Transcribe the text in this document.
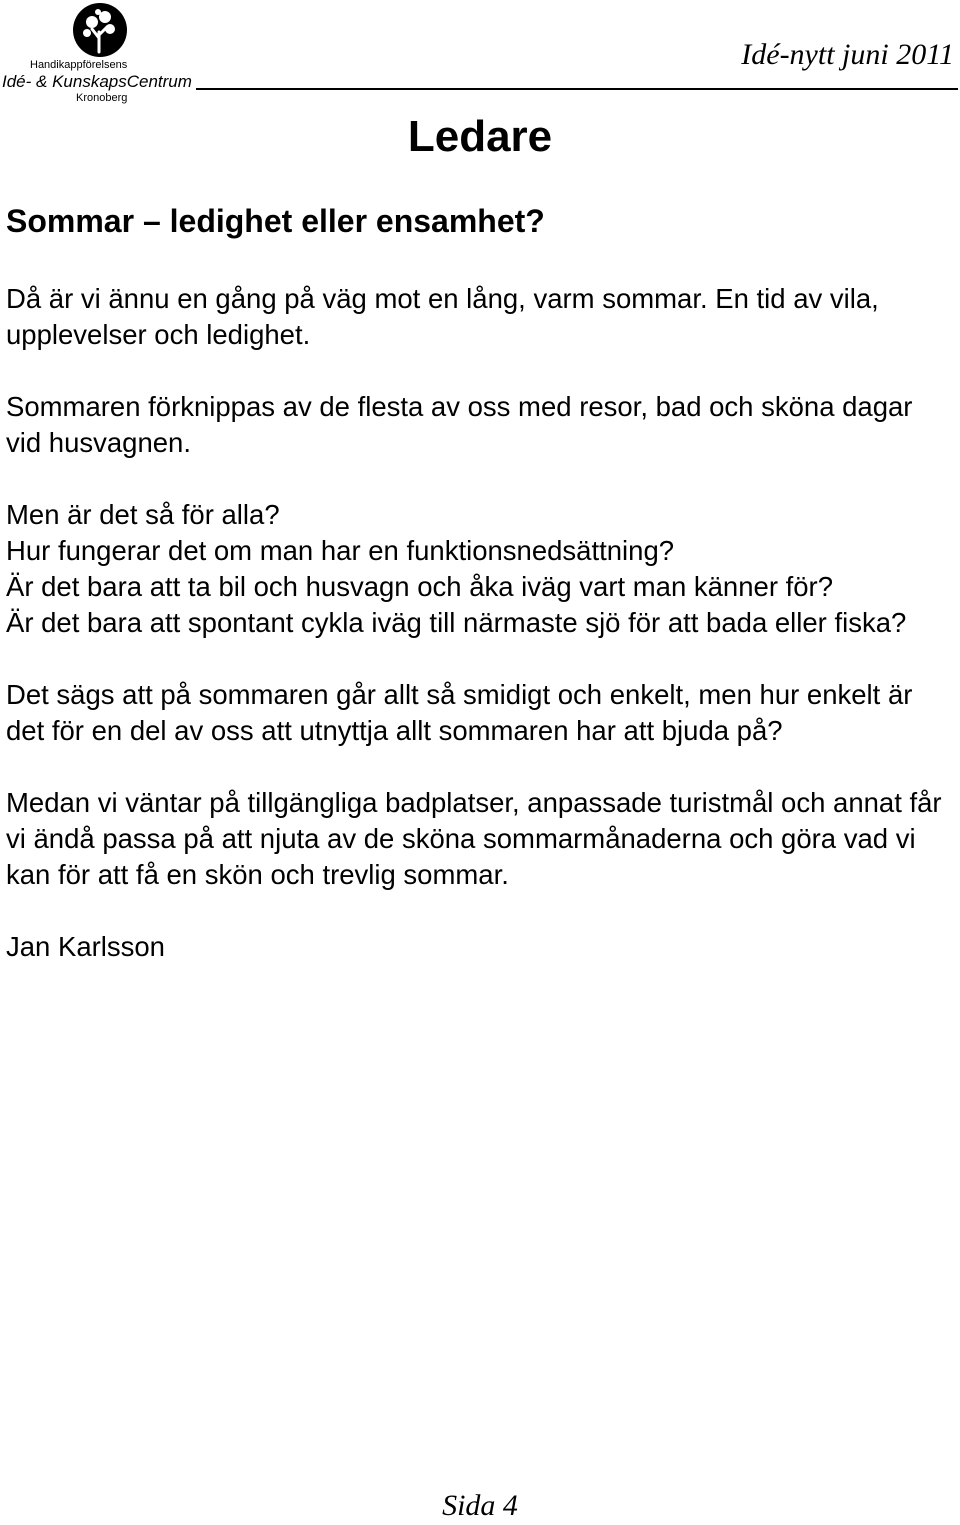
Handikappförelsens
Idé- & KunskapsCentrum
Kronoberg
Idé-nytt juni 2011
Ledare
Sommar – ledighet eller ensamhet?

Då är vi ännu en gång på väg mot en lång, varm sommar. En tid av vila, upplevelser och ledighet.

Sommaren förknippas av de flesta av oss med resor, bad och sköna dagar vid husvagnen.

Men är det så för alla?
Hur fungerar det om man har en funktionsnedsättning?
Är det bara att ta bil och husvagn och åka iväg vart man känner för?
Är det bara att spontant cykla iväg till närmaste sjö för att bada eller fiska?

Det sägs att på sommaren går allt så smidigt och enkelt, men hur enkelt är det för en del av oss att utnyttja allt sommaren har att bjuda på?

Medan vi väntar på tillgängliga badplatser, anpassade turistmål och annat får vi ändå passa på att njuta av de sköna sommarmånaderna och göra vad vi kan för att få en skön och trevlig sommar.

Jan Karlsson

Sida 4
